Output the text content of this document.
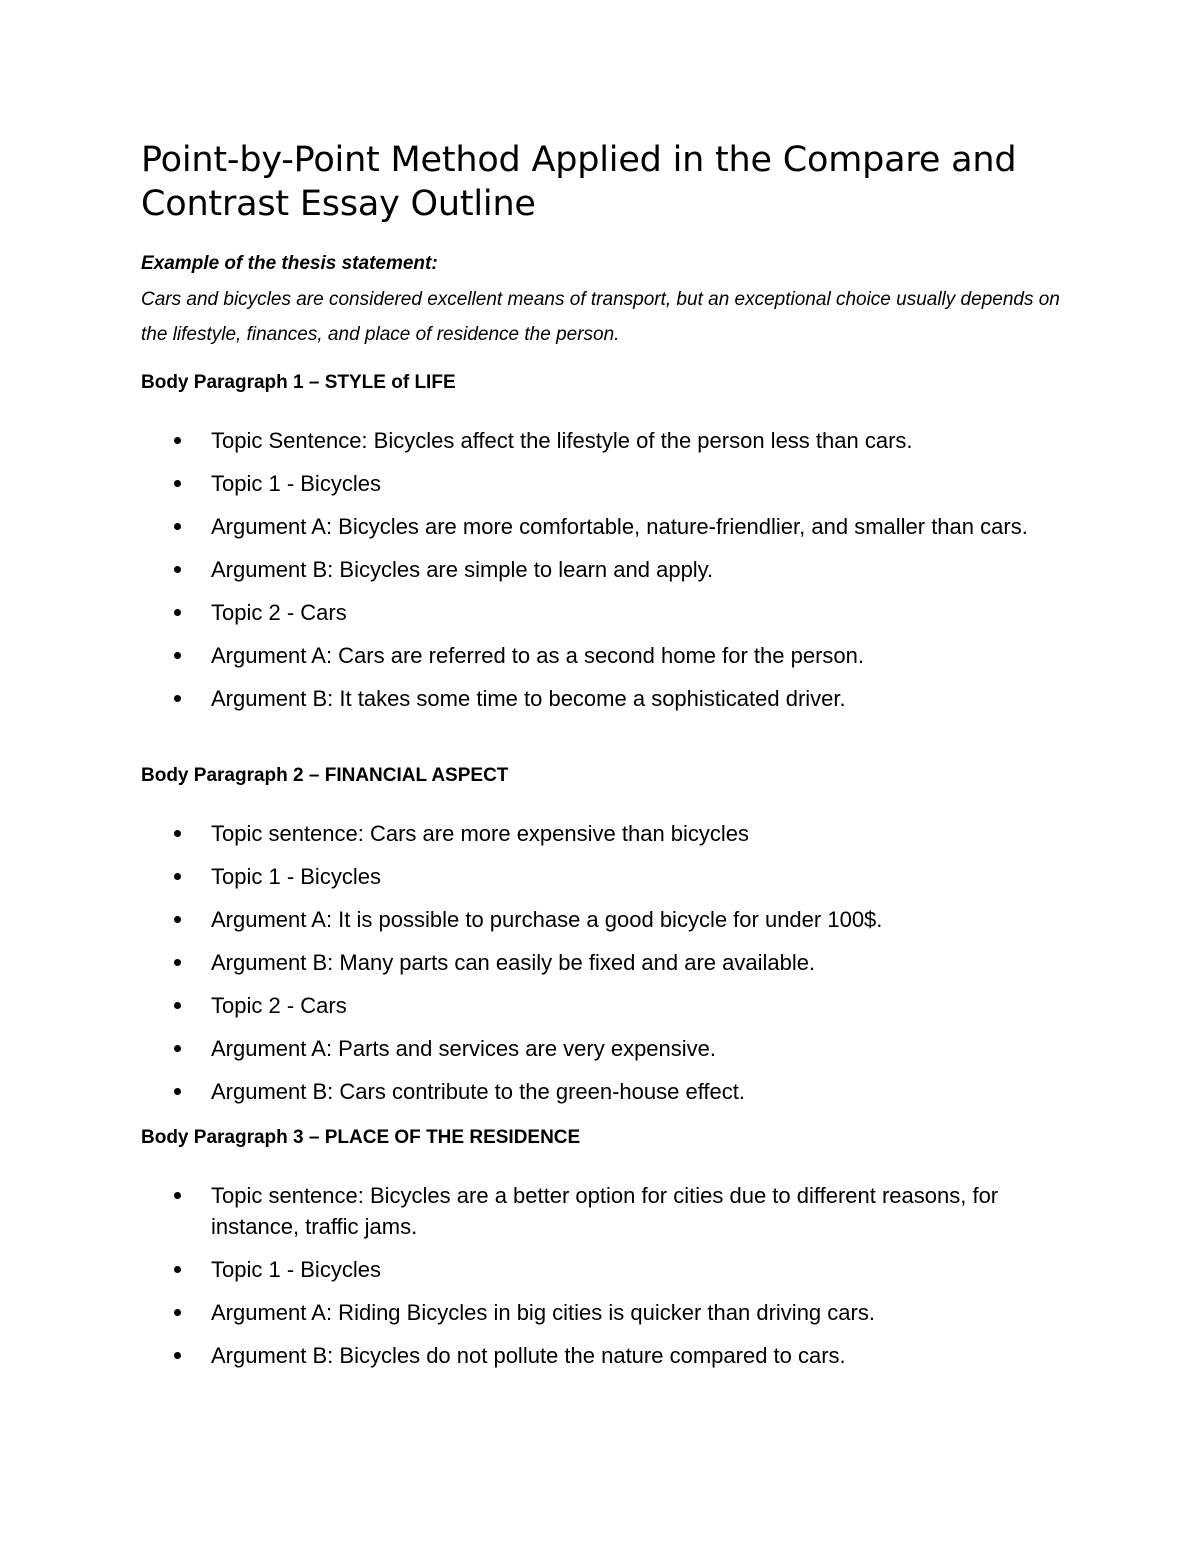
Point-by-Point Method Applied in the Compare and Contrast Essay Outline

Example of the thesis statement:

Cars and bicycles are considered excellent means of transport, but an exceptional choice usually depends on the lifestyle, finances, and place of residence the person.

Body Paragraph 1 – STYLE of LIFE

Topic Sentence: Bicycles affect the lifestyle of the person less than cars.
Topic 1 - Bicycles
Argument A: Bicycles are more comfortable, nature-friendlier, and smaller than cars.
Argument B: Bicycles are simple to learn and apply.
Topic 2 - Cars
Argument A: Cars are referred to as a second home for the person.
Argument B: It takes some time to become a sophisticated driver.

Body Paragraph 2 – FINANCIAL ASPECT

Topic sentence: Cars are more expensive than bicycles
Topic 1 - Bicycles
Argument A: It is possible to purchase a good bicycle for under 100$.
Argument B: Many parts can easily be fixed and are available.
Topic 2 - Cars
Argument A: Parts and services are very expensive.
Argument B: Cars contribute to the green-house effect.

Body Paragraph 3 – PLACE OF THE RESIDENCE

Topic sentence: Bicycles are a better option for cities due to different reasons, for instance, traffic jams.
Topic 1 - Bicycles
Argument A: Riding Bicycles in big cities is quicker than driving cars.
Argument B: Bicycles do not pollute the nature compared to cars.
